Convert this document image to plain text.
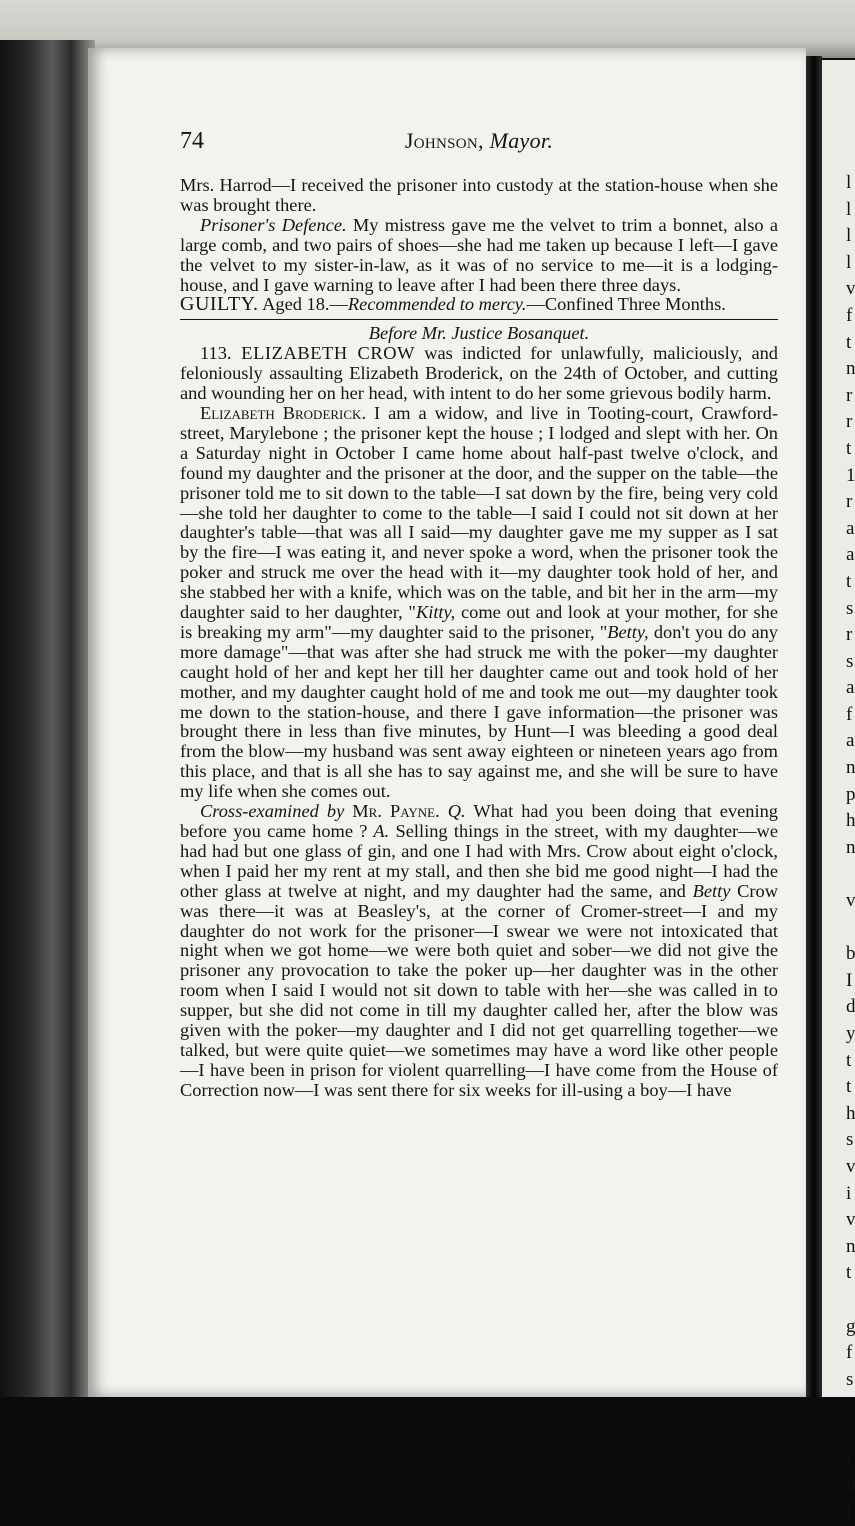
l
l
l
l
v
f
t
n
r
r
t
1
r
a
a
t
s
r
s
a
f
a
n
p
h
n

v

b
I
d
y
t
t
h
s
v
i
v
n
t

g
f
s
s
s
t
h
I
74	Johnson, Mayor.

Mrs. Harrod—I received the prisoner into custody at the station-house when she was brought there.

Prisoner's Defence. My mistress gave me the velvet to trim a bonnet, also a large comb, and two pairs of shoes—she had me taken up because I left—I gave the velvet to my sister-in-law, as it was of no service to me—it is a lodging-house, and I gave warning to leave after I had been there three days.

GUILTY. Aged 18.—Recommended to mercy.—Confined Three Months.

Before Mr. Justice Bosanquet.

113. ELIZABETH CROW was indicted for unlawfully, maliciously, and feloniously assaulting Elizabeth Broderick, on the 24th of October, and cutting and wounding her on her head, with intent to do her some grievous bodily harm.

Elizabeth Broderick. I am a widow, and live in Tooting-court, Crawford-street, Marylebone ; the prisoner kept the house ; I lodged and slept with her. On a Saturday night in October I came home about half-past twelve o'clock, and found my daughter and the prisoner at the door, and the supper on the table—the prisoner told me to sit down to the table—I sat down by the fire, being very cold—she told her daughter to come to the table—I said I could not sit down at her daughter's table—that was all I said—my daughter gave me my supper as I sat by the fire—I was eating it, and never spoke a word, when the prisoner took the poker and struck me over the head with it—my daughter took hold of her, and she stabbed her with a knife, which was on the table, and bit her in the arm—my daughter said to her daughter, "Kitty, come out and look at your mother, for she is breaking my arm"—my daughter said to the prisoner, "Betty, don't you do any more damage"—that was after she had struck me with the poker—my daughter caught hold of her and kept her till her daughter came out and took hold of her mother, and my daughter caught hold of me and took me out—my daughter took me down to the station-house, and there I gave information—the prisoner was brought there in less than five minutes, by Hunt—I was bleeding a good deal from the blow—my husband was sent away eighteen or nineteen years ago from this place, and that is all she has to say against me, and she will be sure to have my life when she comes out.

Cross-examined by Mr. Payne. Q. What had you been doing that evening before you came home ? A. Selling things in the street, with my daughter—we had had but one glass of gin, and one I had with Mrs. Crow about eight o'clock, when I paid her my rent at my stall, and then she bid me good night—I had the other glass at twelve at night, and my daughter had the same, and Betty Crow was there—it was at Beasley's, at the corner of Cromer-street—I and my daughter do not work for the prisoner—I swear we were not intoxicated that night when we got home—we were both quiet and sober—we did not give the prisoner any provocation to take the poker up—her daughter was in the other room when I said I would not sit down to table with her—she was called in to supper, but she did not come in till my daughter called her, after the blow was given with the poker—my daughter and I did not get quarrelling together—we talked, but were quite quiet—we sometimes may have a word like other people—I have been in prison for violent quarrelling—I have come from the House of Correction now—I was sent there for six weeks for ill-using a boy—I have
